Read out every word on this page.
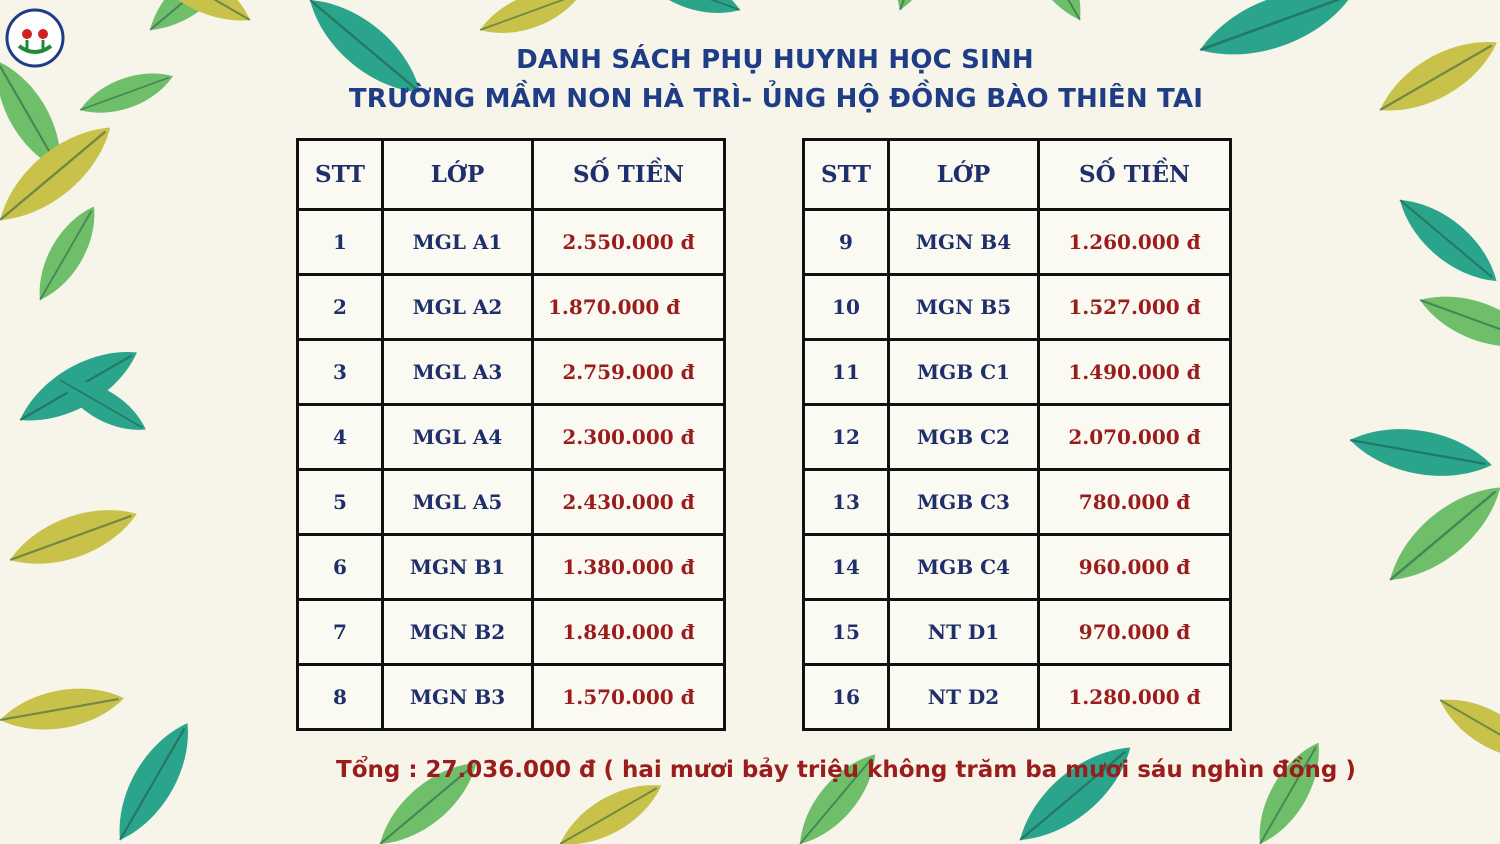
DANH SÁCH PHỤ HUYNH HỌC SINH
TRƯỜNG MẦM NON HÀ TRÌ- ỦNG HỘ ĐỒNG BÀO THIÊN TAI
STT	LỚP	SỐ TIỀN
1	MGL A1	2.550.000 đ
2	MGL A2	1.870.000 đ
3	MGL A3	2.759.000 đ
4	MGL A4	2.300.000 đ
5	MGL A5	2.430.000 đ
6	MGN B1	1.380.000 đ
7	MGN B2	1.840.000 đ
8	MGN B3	1.570.000 đ
STT	LỚP	SỐ TIỀN
9	MGN B4	1.260.000 đ
10	MGN B5	1.527.000 đ
11	MGB C1	1.490.000 đ
12	MGB C2	2.070.000 đ
13	MGB C3	780.000 đ
14	MGB C4	960.000 đ
15	NT D1	970.000 đ
16	NT D2	1.280.000 đ
Tổng : 27.036.000 đ ( hai mươi bảy triệu không trăm ba mươi sáu nghìn đồng )
